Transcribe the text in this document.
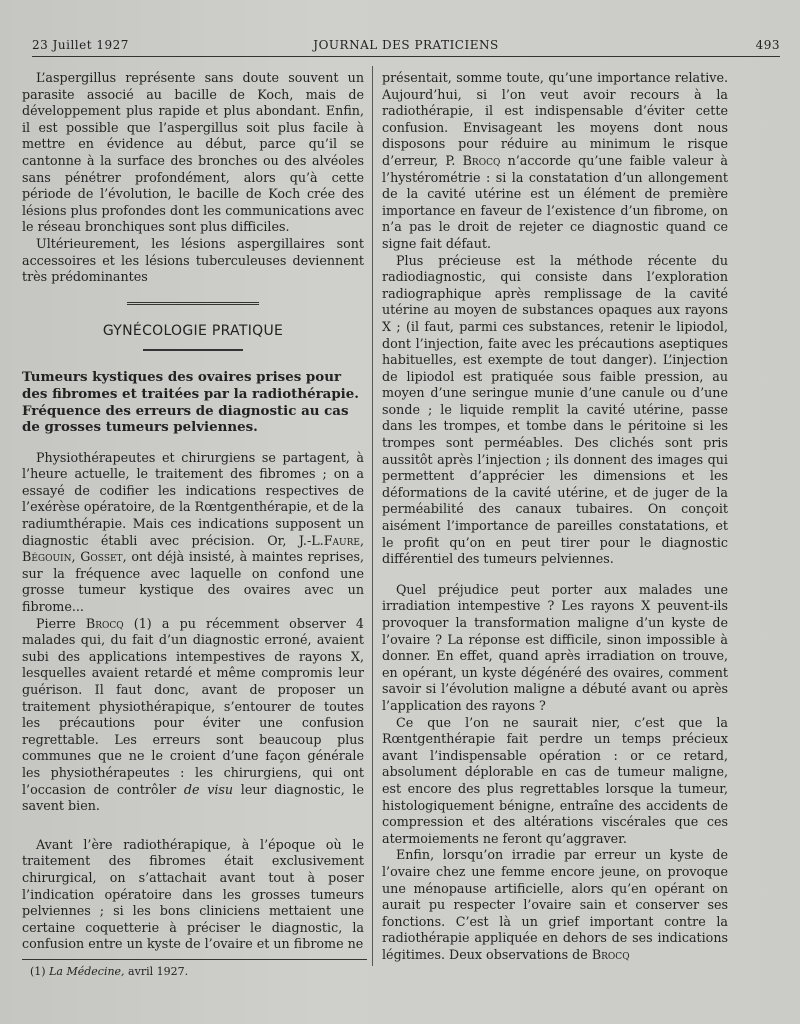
23 Juillet 1927	JOURNAL DES PRATICIENS	493

L’aspergillus représente sans doute souvent un parasite associé au bacille de Koch, mais de développement plus rapide et plus abondant. Enfin, il est possible que l’aspergillus soit plus facile à mettre en évidence au début, parce qu’il se cantonne à la surface des bronches ou des alvéoles sans pénétrer profondément, alors qu’à cette période de l’évolution, le bacille de Koch crée des lésions plus profondes dont les communications avec le réseau bronchiques sont plus difficiles.

Ultérieurement, les lésions aspergillaires sont accessoires et les lésions tuberculeuses deviennent très prédominantes

GYNÉCOLOGIE PRATIQUE
Tumeurs kystiques des ovaires prises pour des fibromes et traitées par la radiothérapie. Fréquence des erreurs de diagnostic au cas de grosses tumeurs pelviennes.

Physiothérapeutes et chirurgiens se partagent, à l’heure actuelle, le traitement des fibromes ; on a essayé de codifier les indications respectives de l’exérèse opératoire, de la Rœntgenthérapie, et de la radiumthérapie. Mais ces indications supposent un diagnostic établi avec précision. Or, J.-L.Faure, Bégouin, Gosset, ont déjà insisté, à maintes reprises, sur la fréquence avec laquelle on confond une grosse tumeur kystique des ovaires avec un fibrome...

Pierre Brocq (1) a pu récemment observer 4 malades qui, du fait d’un diagnostic erroné, avaient subi des applications intempestives de rayons X, lesquelles avaient retardé et même compromis leur guérison. Il faut donc, avant de proposer un traitement physiothérapique, s’entourer de toutes les précautions pour éviter une confusion regrettable. Les erreurs sont beaucoup plus communes que ne le croient d’une façon générale les physiothérapeutes : les chirurgiens, qui ont l’occasion de contrôler de visu leur diagnostic, le savent bien.

Avant l’ère radiothérapique, à l’époque où le traitement des fibromes était exclusivement chirurgical, on s’attachait avant tout à poser l’indication opératoire dans les grosses tumeurs pelviennes ; si les bons cliniciens mettaient une certaine coquetterie à préciser le diagnostic, la confusion entre un kyste de l’ovaire et un fibrome ne

(1) La Médecine, avril 1927.

présentait, somme toute, qu’une importance relative. Aujourd’hui, si l’on veut avoir recours à la radiothérapie, il est indispensable d’éviter cette confusion. Envisageant les moyens dont nous disposons pour réduire au minimum le risque d’erreur, P. Brocq n’accorde qu’une faible valeur à l’hystérométrie : si la constatation d’un allongement de la cavité utérine est un élément de première importance en faveur de l’existence d’un fibrome, on n’a pas le droit de rejeter ce diagnostic quand ce signe fait défaut.

Plus précieuse est la méthode récente du radiodiagnostic, qui consiste dans l’exploration radiographique après remplissage de la cavité utérine au moyen de substances opaques aux rayons X ; (il faut, parmi ces substances, retenir le lipiodol, dont l’injection, faite avec les précautions aseptiques habituelles, est exempte de tout danger). L’injection de lipiodol est pratiquée sous faible pression, au moyen d’une seringue munie d’une canule ou d’une sonde ; le liquide remplit la cavité utérine, passe dans les trompes, et tombe dans le péritoine si les trompes sont perméables. Des clichés sont pris aussitôt après l’injection ; ils donnent des images qui permettent d’apprécier les dimensions et les déformations de la cavité utérine, et de juger de la perméabilité des canaux tubaires. On conçoit aisément l’importance de pareilles constatations, et le profit qu’on en peut tirer pour le diagnostic différentiel des tumeurs pelviennes.

Quel préjudice peut porter aux malades une irradiation intempestive ? Les rayons X peuvent-ils provoquer la transformation maligne d’un kyste de l’ovaire ? La réponse est difficile, sinon impossible à donner. En effet, quand après irradiation on trouve, en opérant, un kyste dégénéré des ovaires, comment savoir si l’évolution maligne a débuté avant ou après l’application des rayons ?

Ce que l’on ne saurait nier, c’est que la Rœntgenthérapie fait perdre un temps précieux avant l’indispensable opération : or ce retard, absolument déplorable en cas de tumeur maligne, est encore des plus regrettables lorsque la tumeur, histologiquement bénigne, entraîne des accidents de compression et des altérations viscérales que ces atermoiements ne feront qu’aggraver.

Enfin, lorsqu’on irradie par erreur un kyste de l’ovaire chez une femme encore jeune, on provoque une ménopause artificielle, alors qu’en opérant on aurait pu respecter l’ovaire sain et conserver ses fonctions. C’est là un grief important contre la radiothérapie appliquée en dehors de ses indications légitimes. Deux observations de Brocq
